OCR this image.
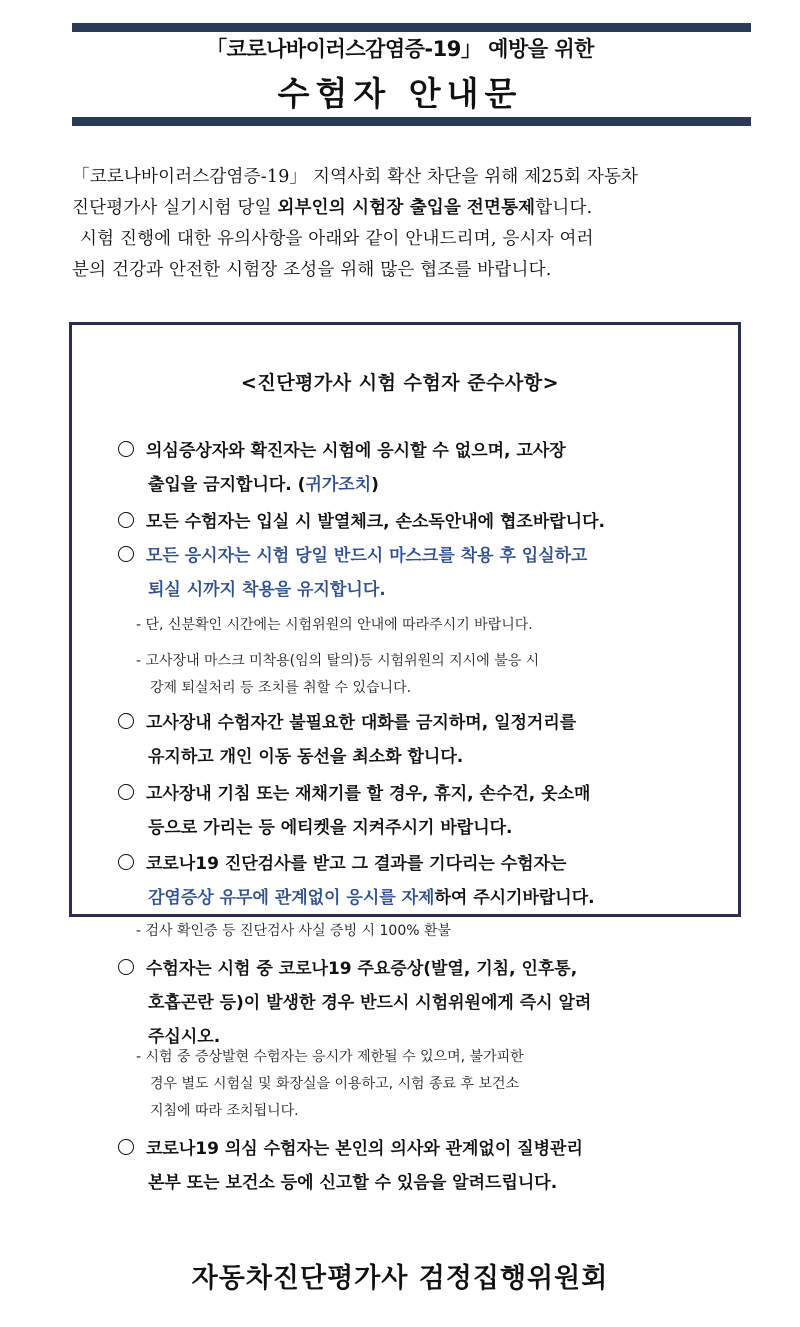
「코로나바이러스감염증-19」 예방을 위한
수험자 안내문

「코로나바이러스감염증-19」 지역사회 확산 차단을 위해 제25회 자동차

진단평가사 실기시험 당일 외부인의 시험장 출입을 전면통제합니다.

시험 진행에 대한 유의사항을 아래와 같이 안내드리며, 응시자 여러

분의 건강과 안전한 시험장 조성을 위해 많은 협조를 바랍니다.

<진단평가사 시험 수험자 준수사항>
의심증상자와 확진자는 시험에 응시할 수 없으며, 고사장
출입을 금지합니다. (귀가조치)
모든 수험자는 입실 시 발열체크, 손소독안내에 협조바랍니다.
모든 응시자는 시험 당일 반드시 마스크를 착용 후 입실하고
퇴실 시까지 착용을 유지합니다.
- 단, 신분확인 시간에는 시험위원의 안내에 따라주시기 바랍니다.
- 고사장내 마스크 미착용(임의 탈의)등 시험위원의 지시에 불응 시
강제 퇴실처리 등 조치를 취할 수 있습니다.
고사장내 수험자간 불필요한 대화를 금지하며, 일정거리를
유지하고 개인 이동 동선을 최소화 합니다.
고사장내 기침 또는 재채기를 할 경우, 휴지, 손수건, 옷소매
등으로 가리는 등 에티켓을 지켜주시기 바랍니다.
코로나19 진단검사를 받고 그 결과를 기다리는 수험자는
감염증상 유무에 관계없이 응시를 자제하여 주시기바랍니다.
- 검사 확인증 등 진단검사 사실 증빙 시 100% 환불
수험자는 시험 중 코로나19 주요증상(발열, 기침, 인후통,
호흡곤란 등)이 발생한 경우 반드시 시험위원에게 즉시 알려
주십시오.
- 시험 중 증상발현 수험자는 응시가 제한될 수 있으며, 불가피한
경우 별도 시험실 및 화장실을 이용하고, 시험 종료 후 보건소
지침에 따라 조치됩니다.
코로나19 의심 수험자는 본인의 의사와 관계없이 질병관리
본부 또는 보건소 등에 신고할 수 있음을 알려드립니다.
자동차진단평가사 검정집행위원회
